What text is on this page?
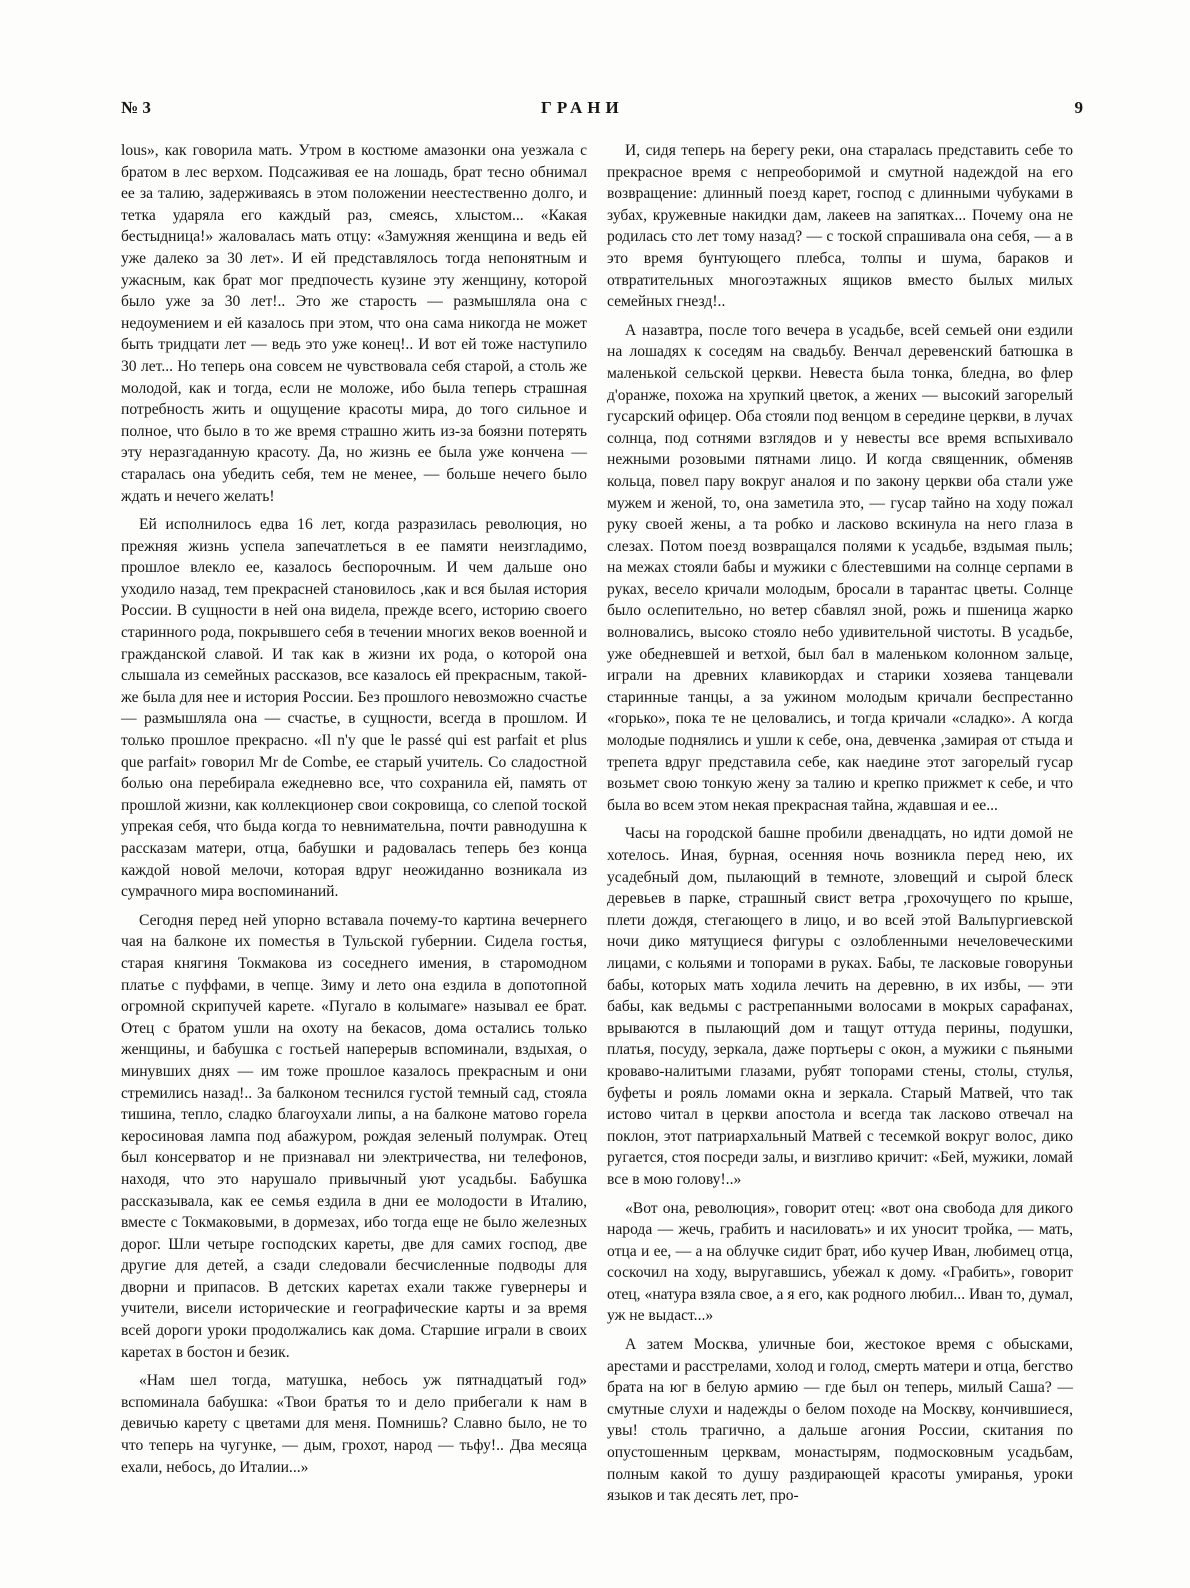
№ 3	ГРАНИ	9

lous», как говорила мать. Утром в костюме амазонки она уезжала с братом в лес верхом. Подсаживая ее на лошадь, брат тесно обнимал ее за талию, задерживаясь в этом положении неестественно долго, и тетка ударяла его каждый раз, смеясь, хлыстом... «Какая бестыдница!» жаловалась мать отцу: «Замужняя женщина и ведь ей уже далеко за 30 лет». И ей представлялось тогда непонятным и ужасным, как брат мог предпочесть кузине эту женщину, которой было уже за 30 лет!.. Это же старость — размышляла она с недоумением и ей казалось при этом, что она сама никогда не может быть тридцати лет — ведь это уже конец!.. И вот ей тоже наступило 30 лет... Но теперь она совсем не чувствовала себя старой, а столь же молодой, как и тогда, если не моложе, ибо была теперь страшная потребность жить и ощущение красоты мира, до того сильное и полное, что было в то же время страшно жить из-за боязни потерять эту неразгаданную красоту. Да, но жизнь ее была уже кончена — старалась она убедить себя, тем не менее, — больше нечего было ждать и нечего желать!

Ей исполнилось едва 16 лет, когда разразилась революция, но прежняя жизнь успела запечатлеться в ее памяти неизгладимо, прошлое влекло ее, казалось беспорочным. И чем дальше оно уходило назад, тем прекрасней становилось ,как и вся былая история России. В сущности в ней она видела, прежде всего, историю своего старинного рода, покрывшего себя в течении многих веков военной и гражданской славой. И так как в жизни их рода, о которой она слышала из семейных рассказов, все казалось ей прекрасным, такой-же была для нее и история России. Без прошлого невозможно счастье — размышляла она — счастье, в сущности, всегда в прошлом. И только прошлое прекрасно. «Il n'y que le passé qui est parfait et plus que parfait» говорил Mr de Combe, ее старый учитель. Со сладостной болью она перебирала ежедневно все, что сохранила ей, память от прошлой жизни, как коллекционер свои сокровища, со слепой тоской упрекая себя, что быда когда то невнимательна, почти равнодушна к рассказам матери, отца, бабушки и радовалась теперь без конца каждой новой мелочи, которая вдруг неожиданно возникала из сумрачного мира воспоминаний.

Сегодня перед ней упорно вставала почему-то картина вечернего чая на балконе их поместья в Тульской губернии. Сидела гостья, старая княгиня Токмакова из соседнего имения, в старомодном платье с пуффами, в чепце. Зиму и лето она ездила в допотопной огромной скрипучей карете. «Пугало в колымаге» называл ее брат. Отец с братом ушли на охоту на бекасов, дома остались только женщины, и бабушка с гостьей наперерыв вспоминали, вздыхая, о минувших днях — им тоже прошлое казалось прекрасным и они стремились назад!.. За балконом теснился густой темный сад, стояла тишина, тепло, сладко благоухали липы, а на балконе матово горела керосиновая лампа под абажуром, рождая зеленый полумрак. Отец был консерватор и не признавал ни электричества, ни телефонов, находя, что это нарушало привычный уют усадьбы. Бабушка рассказывала, как ее семья ездила в дни ее молодости в Италию, вместе с Токмаковыми, в дормезах, ибо тогда еще не было железных дорог. Шли четыре господских кареты, две для самих господ, две другие для детей, а сзади следовали бесчисленные подводы для дворни и припасов. В детских каретах ехали также гувернеры и учители, висели исторические и географические карты и за время всей дороги уроки продолжались как дома. Старшие играли в своих каретах в бостон и безик.

«Нам шел тогда, матушка, небось уж пятнадцатый год» вспоминала бабушка: «Твои братья то и дело прибегали к нам в девичью карету с цветами для меня. Помнишь? Славно было, не то что теперь на чугунке, — дым, грохот, народ — тьфу!.. Два месяца ехали, небось, до Италии...»

И, сидя теперь на берегу реки, она старалась представить себе то прекрасное время с непреоборимой и смутной надеждой на его возвращение: длинный поезд карет, господ с длинными чубуками в зубах, кружевные накидки дам, лакеев на запятках... Почему она не родилась сто лет тому назад? — с тоской спрашивала она себя, — а в это время бунтующего плебса, толпы и шума, бараков и отвратительных многоэтажных ящиков вместо былых милых семейных гнезд!..

А назавтра, после того вечера в усадьбе, всей семьей они ездили на лошадях к соседям на свадьбу. Венчал деревенский батюшка в маленькой сельской церкви. Невеста была тонка, бледна, во флер д'оранже, похожа на хрупкий цветок, а жених — высокий загорелый гусарский офицер. Оба стояли под венцом в середине церкви, в лучах солнца, под сотнями взглядов и у невесты все время вспыхивало нежными розовыми пятнами лицо. И когда священник, обменяв кольца, повел пару вокруг аналоя и по закону церкви оба стали уже мужем и женой, то, она заметила это, — гусар тайно на ходу пожал руку своей жены, а та робко и ласково вскинула на него глаза в слезах. Потом поезд возвращался полями к усадьбе, вздымая пыль; на межах стояли бабы и мужики с блестевшими на солнце серпами в руках, весело кричали молодым, бросали в тарантас цветы. Солнце было ослепительно, но ветер сбавлял зной, рожь и пшеница жарко волновались, высоко стояло небо удивительной чистоты. В усадьбе, уже обедневшей и ветхой, был бал в маленьком колонном зальце, играли на древних клавикордах и старики хозяева танцевали старинные танцы, а за ужином молодым кричали беспрестанно «горько», пока те не целовались, и тогда кричали «сладко». А когда молодые поднялись и ушли к себе, она, девченка ,замирая от стыда и трепета вдруг представила себе, как наедине этот загорелый гусар возьмет свою тонкую жену за талию и крепко прижмет к себе, и что была во всем этом некая прекрасная тайна, ждавшая и ее...

Часы на городской башне пробили двенадцать, но идти домой не хотелось. Иная, бурная, осенняя ночь возникла перед нею, их усадебный дом, пылающий в темноте, зловещий и сырой блеск деревьев в парке, страшный свист ветра ,грохочущего по крыше, плети дождя, стегающего в лицо, и во всей этой Вальпургиевской ночи дико мятущиеся фигуры с озлобленными нечеловеческими лицами, с кольями и топорами в руках. Бабы, те ласковые говоруньи бабы, которых мать ходила лечить на деревню, в их избы, — эти бабы, как ведьмы с растрепанными волосами в мокрых сарафанах, врываются в пылающий дом и тащут оттуда перины, подушки, платья, посуду, зеркала, даже портьеры с окон, а мужики с пьяными кроваво-налитыми глазами, рубят топорами стены, столы, стулья, буфеты и рояль ломами окна и зеркала. Старый Матвей, что так истово читал в церкви апостола и всегда так ласково отвечал на поклон, этот патриархальный Матвей с тесемкой вокруг волос, дико ругается, стоя посреди залы, и визгливо кричит: «Бей, мужики, ломай все в мою голову!..»

«Вот она, революция», говорит отец: «вот она свобода для дикого народа — жечь, грабить и насиловать» и их уносит тройка, — мать, отца и ее, — а на облучке сидит брат, ибо кучер Иван, любимец отца, соскочил на ходу, выругавшись, убежал к дому. «Грабить», говорит отец, «натура взяла свое, а я его, как родного любил... Иван то, думал, уж не выдаст...»

А затем Москва, уличные бои, жестокое время с обысками, арестами и расстрелами, холод и голод, смерть матери и отца, бегство брата на юг в белую армию — где был он теперь, милый Саша? — смутные слухи и надежды о белом походе на Москву, кончившиеся, увы! столь трагично, а дальше агония России, скитания по опустошенным церквам, монастырям, подмосковным усадьбам, полным какой то душу раздирающей красоты умиранья, уроки языков и так десять лет, про-
